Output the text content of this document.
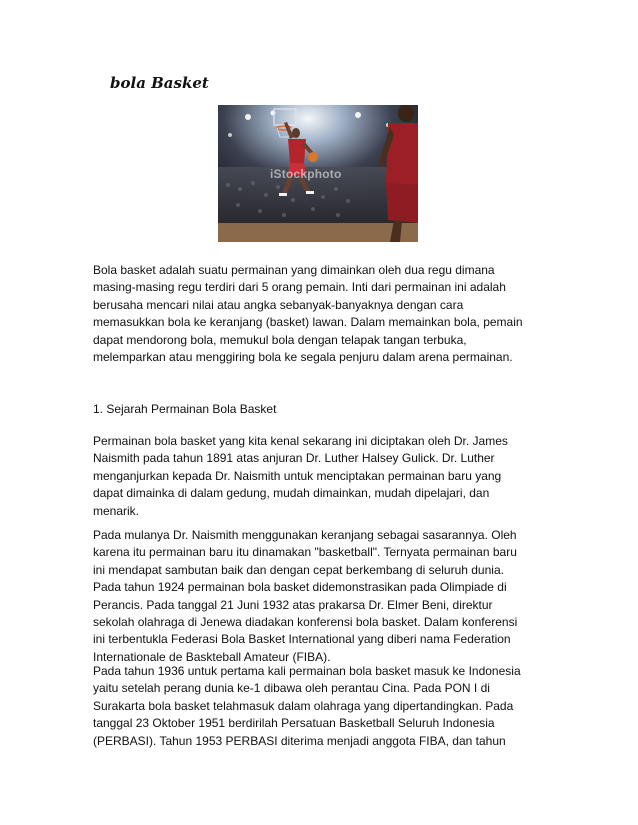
bola Basket
iStockphoto

Bola basket adalah suatu permainan yang dimainkan oleh dua regu dimana
masing-masing regu terdiri dari 5 orang pemain. Inti dari permainan ini adalah
berusaha mencari nilai atau angka sebanyak-banyaknya dengan cara
memasukkan bola ke keranjang (basket) lawan. Dalam memainkan bola, pemain
dapat mendorong bola, memukul bola dengan telapak tangan terbuka,
melemparkan atau menggiring bola ke segala penjuru dalam arena permainan.

1. Sejarah Permainan Bola Basket

Permainan bola basket yang kita kenal sekarang ini diciptakan oleh Dr. James
Naismith pada tahun 1891 atas anjuran Dr. Luther Halsey Gulick. Dr. Luther
menganjurkan kepada Dr. Naismith untuk menciptakan permainan baru yang
dapat dimainka di dalam gedung, mudah dimainkan, mudah dipelajari, dan
menarik.

Pada mulanya Dr. Naismith menggunakan keranjang sebagai sasarannya. Oleh
karena itu permainan baru itu dinamakan "basketball". Ternyata permainan baru
ini mendapat sambutan baik dan dengan cepat berkembang di seluruh dunia.
Pada tahun 1924 permainan bola basket didemonstrasikan pada Olimpiade di
Perancis. Pada tanggal 21 Juni 1932 atas prakarsa Dr. Elmer Beni, direktur
sekolah olahraga di Jenewa diadakan konferensi bola basket. Dalam konferensi
ini terbentukla Federasi Bola Basket International yang diberi nama Federation
Internationale de Baskteball Amateur (FIBA).

Pada tahun 1936 untuk pertama kali permainan bola basket masuk ke Indonesia
yaitu setelah perang dunia ke-1 dibawa oleh perantau Cina. Pada PON I di
Surakarta bola basket telahmasuk dalam olahraga yang dipertandingkan. Pada
tanggal 23 Oktober 1951 berdirilah Persatuan Basketball Seluruh Indonesia
(PERBASI). Tahun 1953 PERBASI diterima menjadi anggota FIBA, dan tahun
